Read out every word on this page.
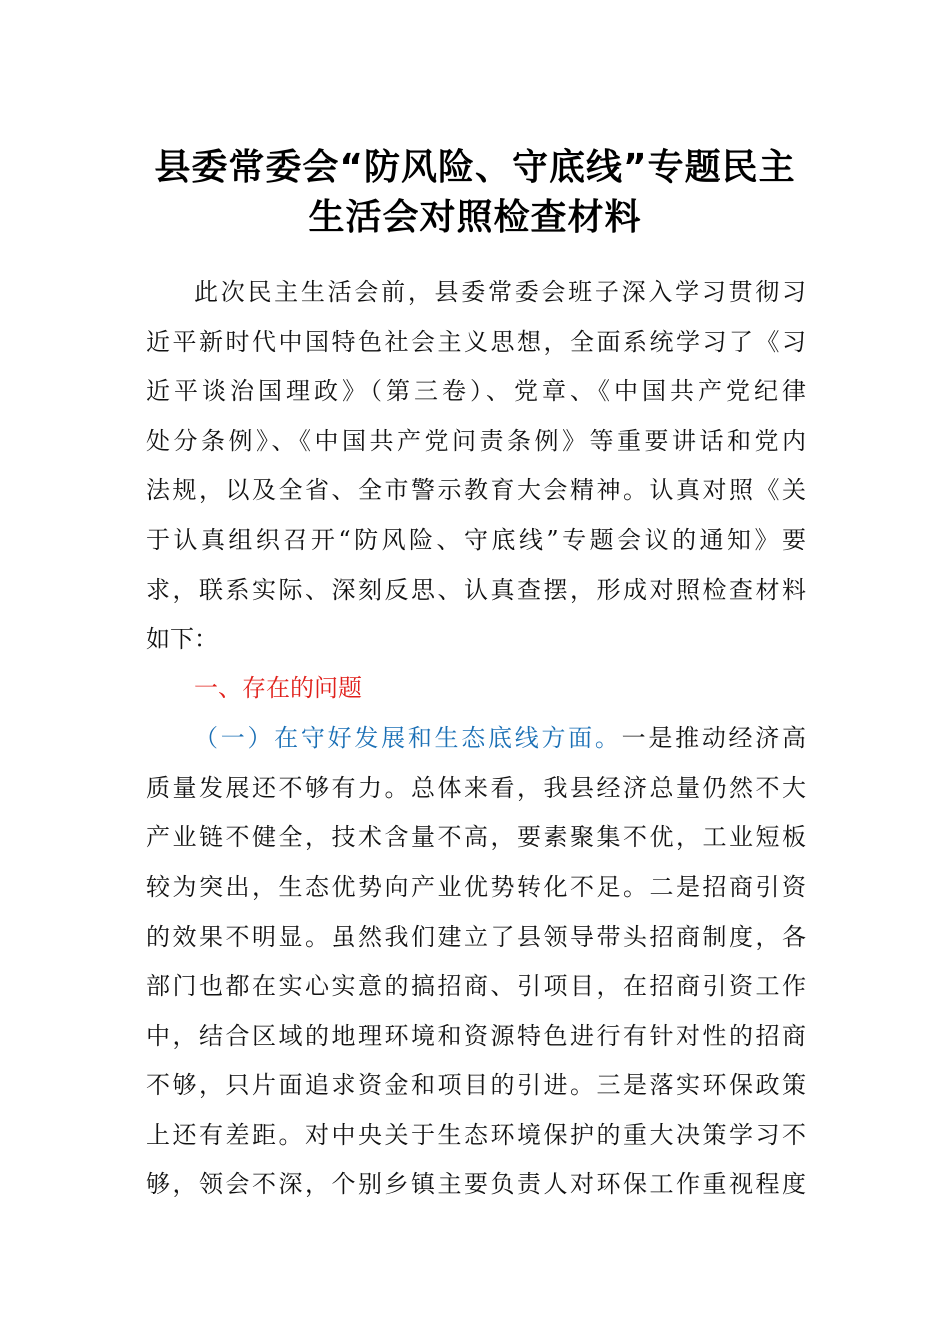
县委常委会“防风险、守底线”专题民主
生活会对照检查材料
此次民主生活会前，县委常委会班子深入学习贯彻习
近平新时代中国特色社会主义思想，全面系统学习了《习
近平谈治国理政》（第三卷）、党章、《中国共产党纪律
处分条例》、《中国共产党问责条例》等重要讲话和党内
法规，以及全省、全市警示教育大会精神。认真对照《关
于认真组织召开“防风险、守底线”专题会议的通知》要
求，联系实际、深刻反思、认真查摆，形成对照检查材料
如下：
一、存在的问题
（一）在守好发展和生态底线方面。一是推动经济高
质量发展还不够有力。总体来看，我县经济总量仍然不大
产业链不健全，技术含量不高，要素聚集不优，工业短板
较为突出，生态优势向产业优势转化不足。二是招商引资
的效果不明显。虽然我们建立了县领导带头招商制度，各
部门也都在实心实意的搞招商、引项目，在招商引资工作
中，结合区域的地理环境和资源特色进行有针对性的招商
不够，只片面追求资金和项目的引进。三是落实环保政策
上还有差距。对中央关于生态环境保护的重大决策学习不
够，领会不深，个别乡镇主要负责人对环保工作重视程度
